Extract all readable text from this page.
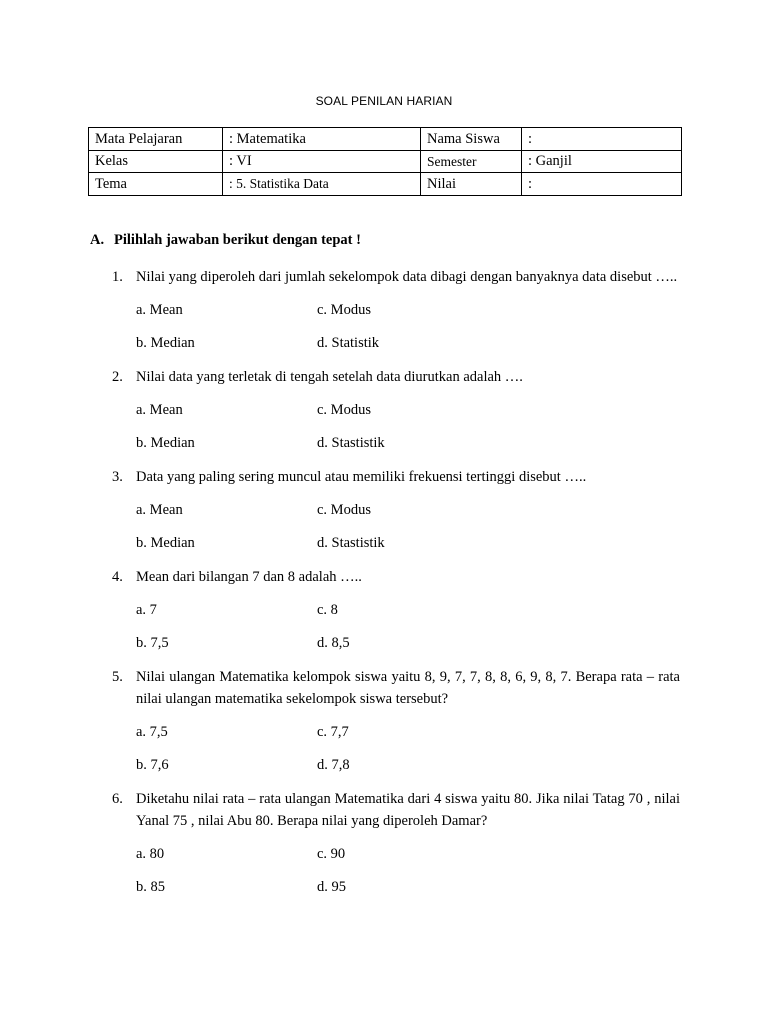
SOAL PENILAN HARIAN
Mata Pelajaran	: Matematika	Nama Siswa	:
Kelas	: VI	Semester	: Ganjil
Tema	: 5. Statistika Data	Nilai	:
A. Pilihlah jawaban berikut dengan tepat !
1. Nilai yang diperoleh dari jumlah sekelompok data dibagi dengan banyaknya data disebut …..
a. Mean	c. Modus
b. Median	d. Statistik
2. Nilai data yang terletak di tengah setelah data diurutkan adalah ….
a. Mean	c. Modus
b. Median	d. Stastistik
3. Data yang paling sering muncul atau memiliki frekuensi tertinggi disebut …..
a. Mean	c. Modus
b. Median	d. Stastistik
4. Mean dari bilangan 7 dan 8 adalah …..
a. 7	c. 8
b. 7,5	d. 8,5
5. Nilai ulangan Matematika kelompok siswa yaitu 8, 9, 7, 7, 8, 8, 6, 9, 8, 7. Berapa rata – rata nilai ulangan matematika sekelompok siswa tersebut?
a. 7,5	c. 7,7
b. 7,6	d. 7,8
6. Diketahu nilai rata – rata ulangan Matematika dari 4 siswa yaitu 80. Jika nilai Tatag 70 , nilai Yanal 75 , nilai Abu 80. Berapa nilai yang diperoleh Damar?
a. 80	c. 90
b. 85	d. 95
